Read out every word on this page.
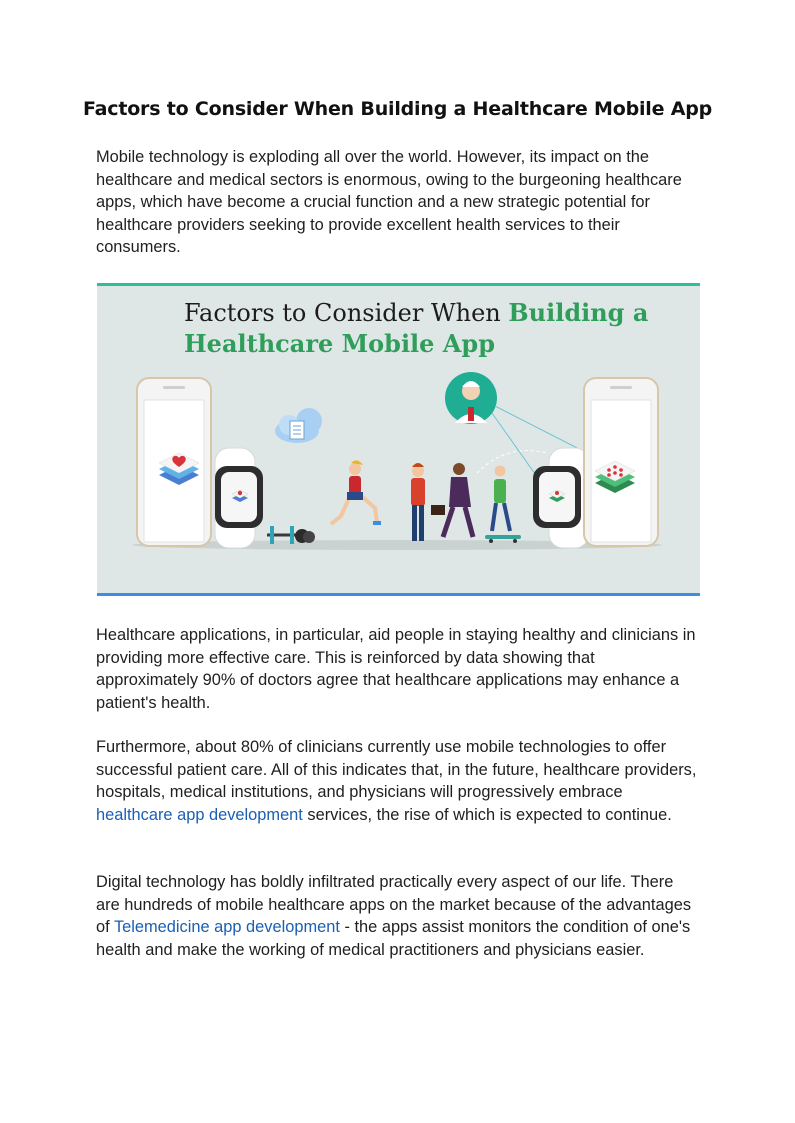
Factors to Consider When Building a Healthcare Mobile App

Mobile technology is exploding all over the world. However, its impact on the healthcare and medical sectors is enormous, owing to the burgeoning healthcare apps, which have become a crucial function and a new strategic potential for healthcare providers seeking to provide excellent health services to their consumers.

Factors to Consider When Building a
Healthcare Mobile App

Healthcare applications, in particular, aid people in staying healthy and clinicians in providing more effective care. This is reinforced by data showing that approximately 90% of doctors agree that healthcare applications may enhance a patient's health.

Furthermore, about 80% of clinicians currently use mobile technologies to offer successful patient care. All of this indicates that, in the future, healthcare providers, hospitals, medical institutions, and physicians will progressively embrace healthcare app development services, the rise of which is expected to continue.

Digital technology has boldly infiltrated practically every aspect of our life. There are hundreds of mobile healthcare apps on the market because of the advantages of Telemedicine app development - the apps assist monitors the condition of one's health and make the working of medical practitioners and physicians easier.
